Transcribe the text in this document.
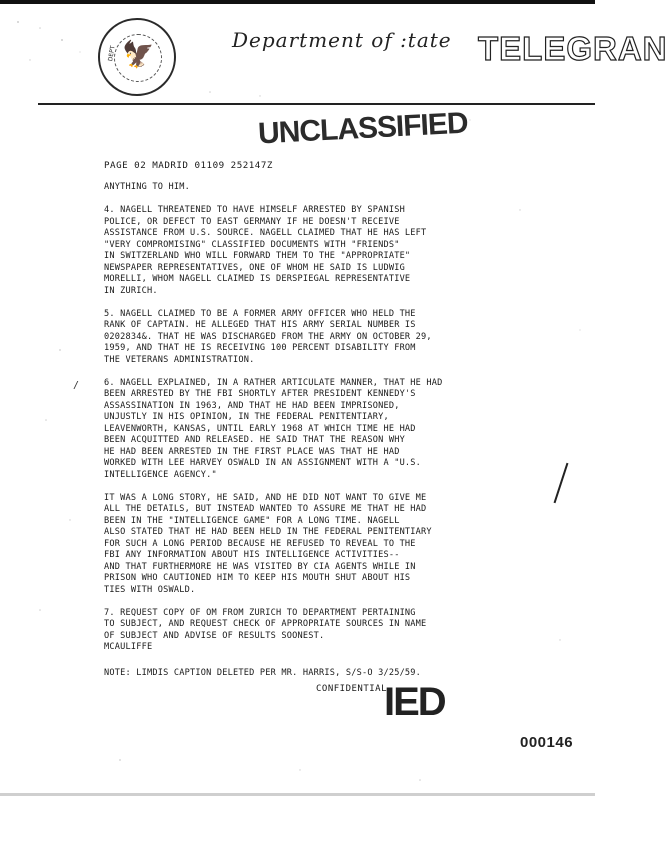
🦅
DEPT
Department of :tate TELEGRAN
UNCLASSIFIED
PAGE 02 MADRID 01109 252147Z
ANYTHING TO HIM.
4. NAGELL THREATENED TO HAVE HIMSELF ARRESTED BY SPANISH
POLICE, OR DEFECT TO EAST GERMANY IF HE DOESN'T RECEIVE
ASSISTANCE FROM U.S. SOURCE. NAGELL CLAIMED THAT HE HAS LEFT
"VERY COMPROMISING" CLASSIFIED DOCUMENTS WITH "FRIENDS"
IN SWITZERLAND WHO WILL FORWARD THEM TO THE "APPROPRIATE"
NEWSPAPER REPRESENTATIVES, ONE OF WHOM HE SAID IS LUDWIG
MORELLI, WHOM NAGELL CLAIMED IS DERSPIEGAL REPRESENTATIVE
IN ZURICH.
5. NAGELL CLAIMED TO BE A FORMER ARMY OFFICER WHO HELD THE
RANK OF CAPTAIN. HE ALLEGED THAT HIS ARMY SERIAL NUMBER IS
0202834&. THAT HE WAS DISCHARGED FROM THE ARMY ON OCTOBER 29,
1959, AND THAT HE IS RECEIVING 100 PERCENT DISABILITY FROM
THE VETERANS ADMINISTRATION.
6. NAGELL EXPLAINED, IN A RATHER ARTICULATE MANNER, THAT HE HAD
BEEN ARRESTED BY THE FBI SHORTLY AFTER PRESIDENT KENNEDY'S
ASSASSINATION IN 1963, AND THAT HE HAD BEEN IMPRISONED,
UNJUSTLY IN HIS OPINION, IN THE FEDERAL PENITENTIARY,
LEAVENWORTH, KANSAS, UNTIL EARLY 1968 AT WHICH TIME HE HAD
BEEN ACQUITTED AND RELEASED. HE SAID THAT THE REASON WHY
HE HAD BEEN ARRESTED IN THE FIRST PLACE WAS THAT HE HAD
WORKED WITH LEE HARVEY OSWALD IN AN ASSIGNMENT WITH A "U.S.
INTELLIGENCE AGENCY."
IT WAS A LONG STORY, HE SAID, AND HE DID NOT WANT TO GIVE ME
ALL THE DETAILS, BUT INSTEAD WANTED TO ASSURE ME THAT HE HAD
BEEN IN THE "INTELLIGENCE GAME" FOR A LONG TIME. NAGELL
ALSO STATED THAT HE HAD BEEN HELD IN THE FEDERAL PENITENTIARY
FOR SUCH A LONG PERIOD BECAUSE HE REFUSED TO REVEAL TO THE
FBI ANY INFORMATION ABOUT HIS INTELLIGENCE ACTIVITIES--
AND THAT FURTHERMORE HE WAS VISITED BY CIA AGENTS WHILE IN
PRISON WHO CAUTIONED HIM TO KEEP HIS MOUTH SHUT ABOUT HIS
TIES WITH OSWALD.
7. REQUEST COPY OF OM FROM ZURICH TO DEPARTMENT PERTAINING
TO SUBJECT, AND REQUEST CHECK OF APPROPRIATE SOURCES IN NAME
OF SUBJECT AND ADVISE OF RESULTS SOONEST.
MCAULIFFE
/
NOTE: LIMDIS CAPTION DELETED PER MR. HARRIS, S/S-O 3/25/59.
CONFIDENTIAL
IED
000146
